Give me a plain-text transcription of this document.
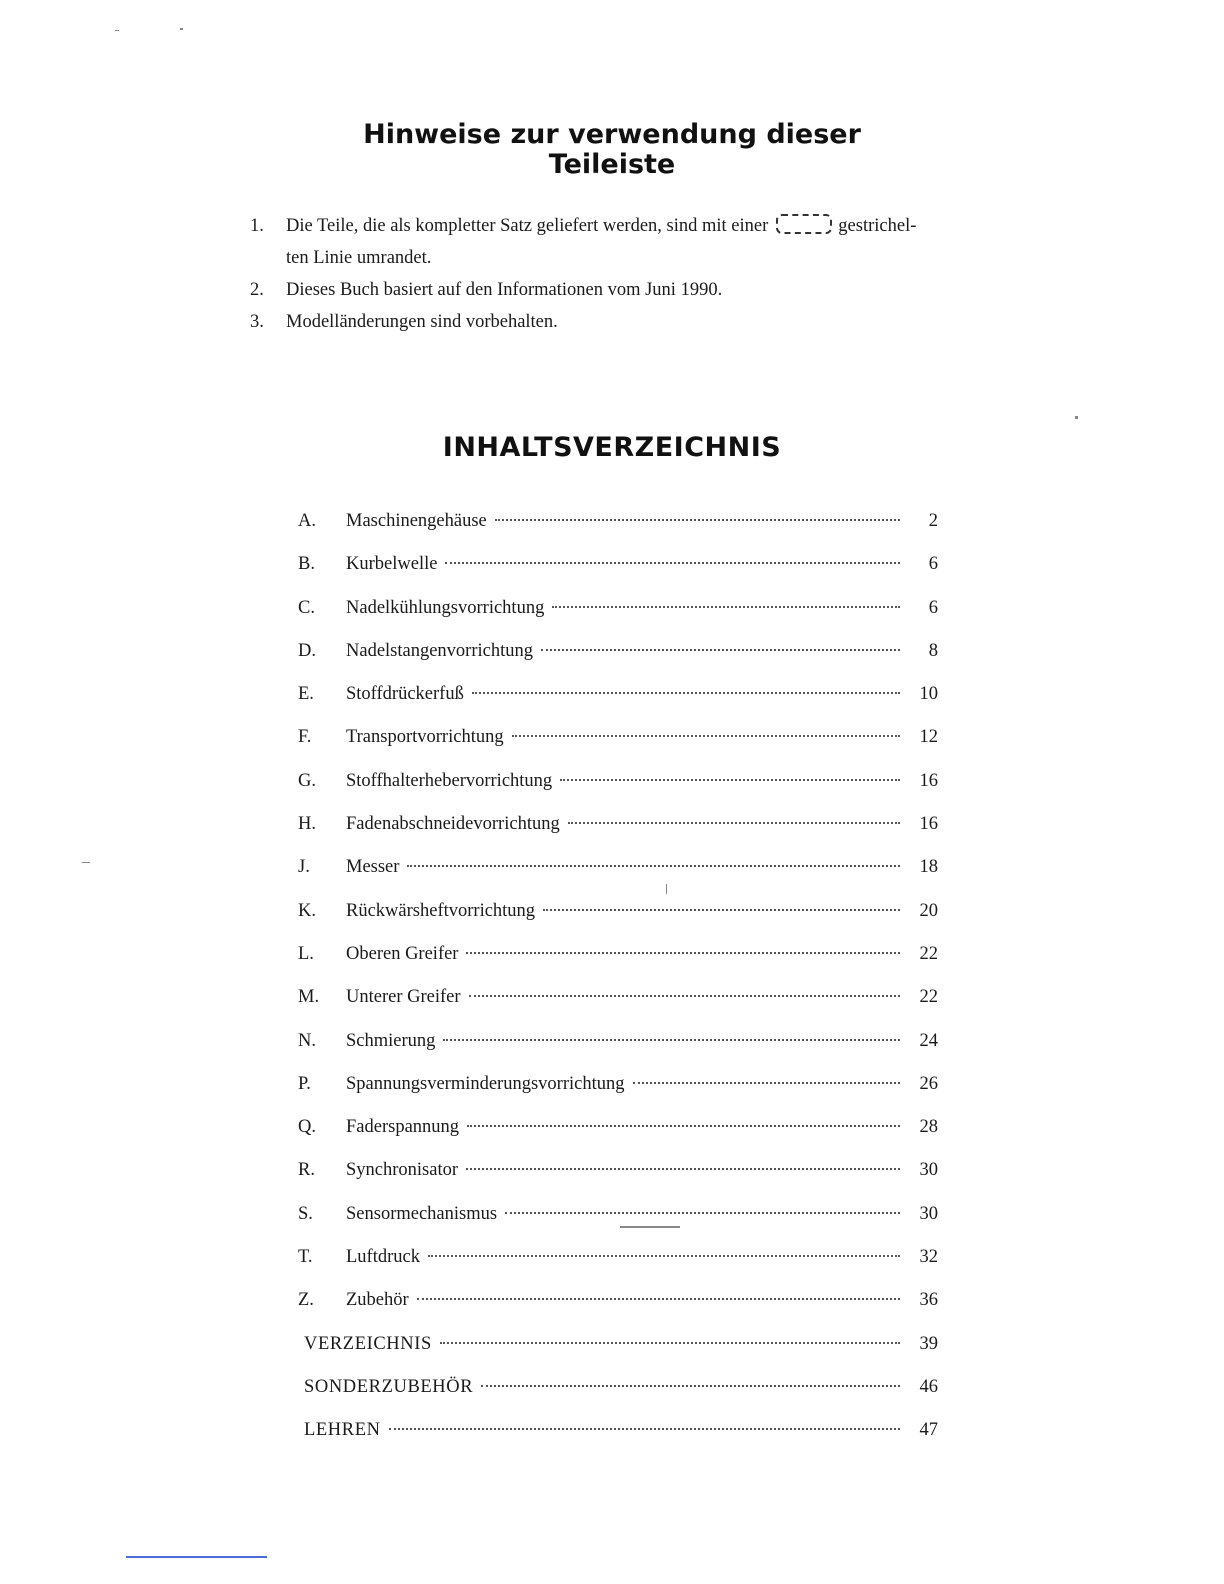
Hinweise zur verwendung dieser
Teileiste
1. Die Teile, die als kompletter Satz geliefert werden, sind mit einer	gestrichel-
ten Linie umrandet.
2. Dieses Buch basiert auf den Informationen vom Juni 1990.
3. Modelländerungen sind vorbehalten.
INHALTSVERZEICHNIS
A.	Maschinengehäuse	2
B.	Kurbelwelle	6
C.	Nadelkühlungsvorrichtung	6
D.	Nadelstangenvorrichtung	8
E.	Stoffdrückerfuß	10
F.	Transportvorrichtung	12
G.	Stoffhalterhebervorrichtung	16
H.	Fadenabschneidevorrichtung	16
J.	Messer	18
K.	Rückwärsheftvorrichtung	20
L.	Oberen Greifer	22
M.	Unterer Greifer	22
N.	Schmierung	24
P.	Spannungsverminderungsvorrichtung	26
Q.	Faderspannung	28
R.	Synchronisator	30
S.	Sensormechanismus	30
T.	Luftdruck	32
Z.	Zubehör	36
VERZEICHNIS	39
SONDERZUBEHÖR	46
LEHREN	47
